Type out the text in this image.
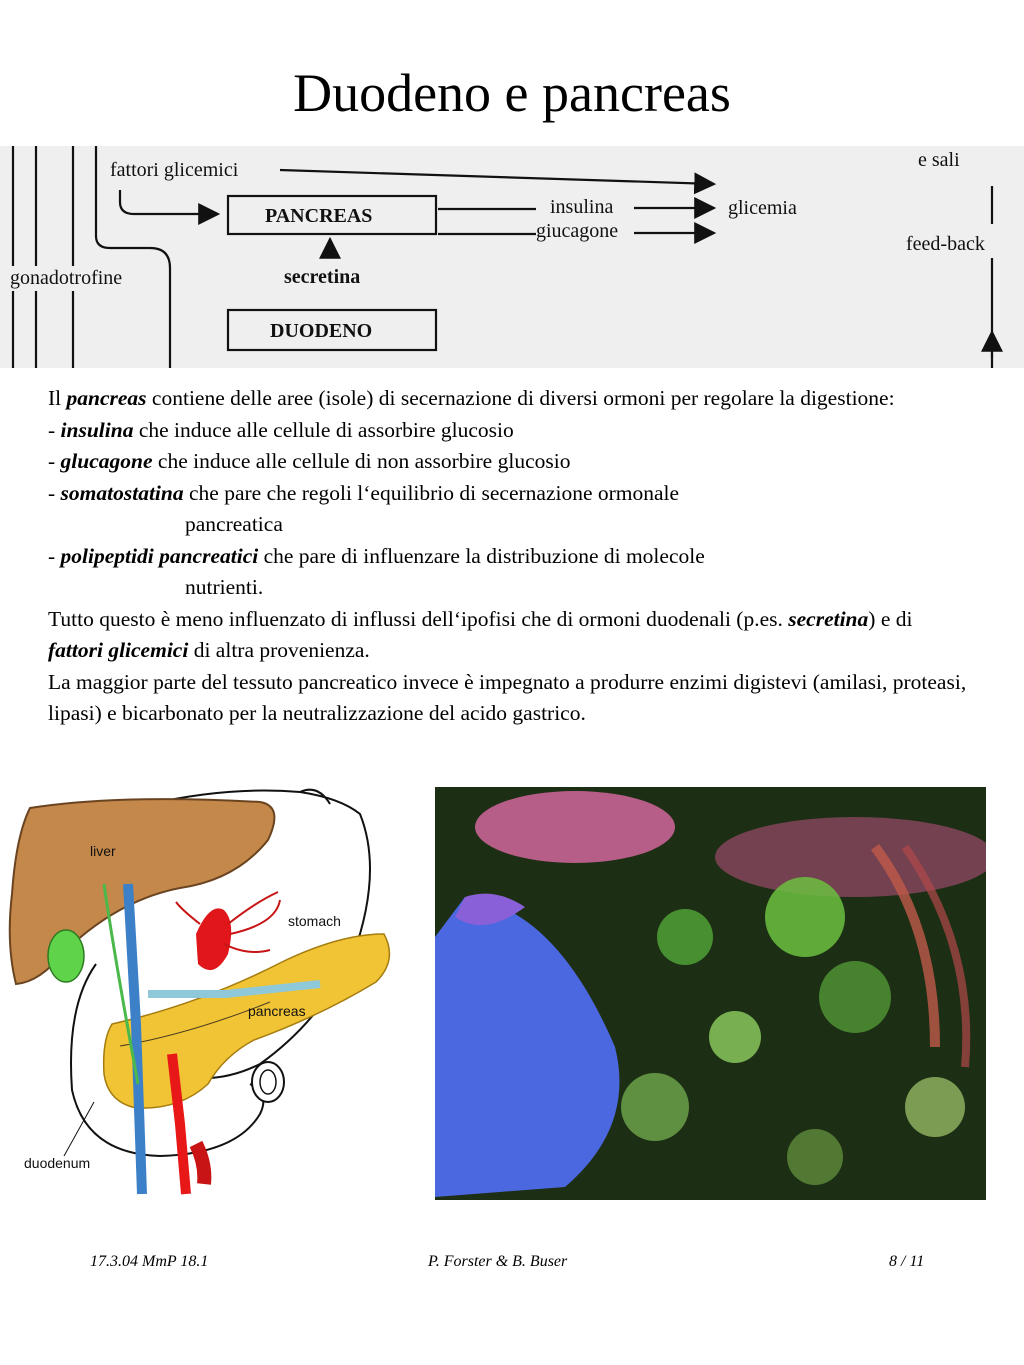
Duodeno e pancreas
fattori glicemici	e sali
PANCREAS	insulina
giucagone
glicemia
feed-back
gonadotrofine	secretina
DUODENO

Il pancreas contiene delle aree (isole) di secernazione di diversi ormoni per regolare la digestione:

- insulina che induce alle cellule di assorbire glucosio

- glucagone che induce alle cellule di non assorbire glucosio

- somatostatina che pare che regoli l‘equilibrio di secernazione ormonale

pancreatica

- polipeptidi pancreatici che pare di influenzare la distribuzione di molecole

nutrienti.

Tutto questo è meno influenzato di influssi dell‘ipofisi che di ormoni duodenali (p.es. secretina) e di fattori glicemici di altra provenienza.

La maggior parte del tessuto pancreatico invece è impegnato a produrre enzimi digistevi (amilasi, proteasi, lipasi) e bicarbonato per la neutralizzazione del acido gastrico.

liver
stomach
pancreas
duodenum
17.3.04 MmP 18.1	P. Forster & B. Buser	8 / 11
